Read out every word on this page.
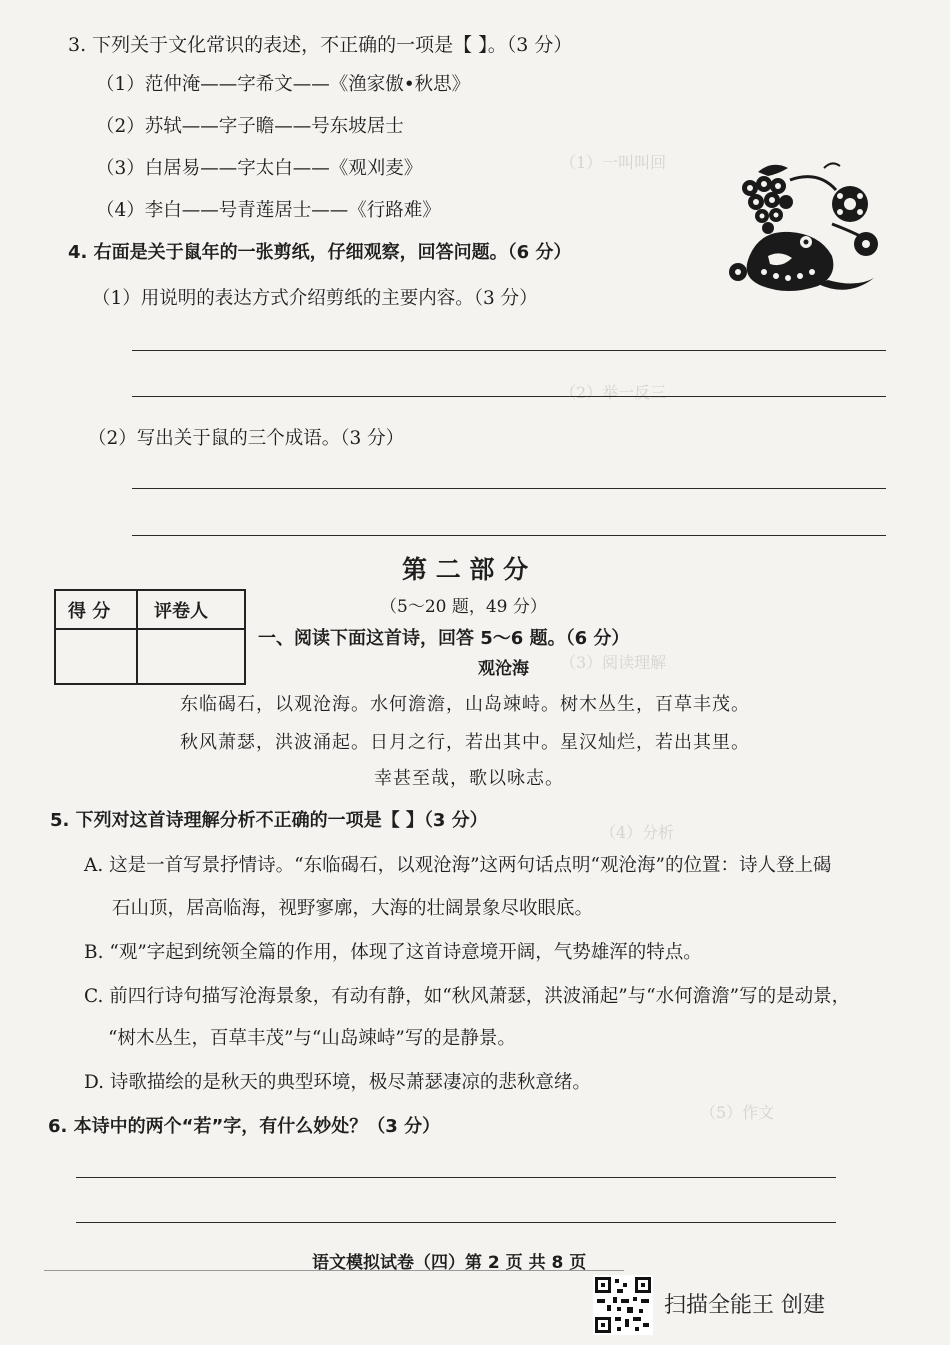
（1）一叫叫回
（2）举一反三
（3）阅读理解
（4）分析
（5）作文
3. 下列关于文化常识的表述，不正确的一项是【 】。（3 分）
（1）范仲淹——字希文——《渔家傲•秋思》
（2）苏轼——字子瞻——号东坡居士
（3）白居易——字太白——《观刈麦》
（4）李白——号青莲居士——《行路难》
4. 右面是关于鼠年的一张剪纸，仔细观察，回答问题。（6 分）
（1）用说明的表达方式介绍剪纸的主要内容。（3 分）
（2）写出关于鼠的三个成语。（3 分）
第 二 部 分
（5～20 题，49 分）
得 分 评卷人
一、阅读下面这首诗，回答 5～6 题。（6 分）
观沧海
东临碣石，以观沧海。水何澹澹，山岛竦峙。树木丛生，百草丰茂。
秋风萧瑟，洪波涌起。日月之行，若出其中。星汉灿烂，若出其里。
幸甚至哉，歌以咏志。
5. 下列对这首诗理解分析不正确的一项是【 】（3 分）
A. 这是一首写景抒情诗。“东临碣石，以观沧海”这两句话点明“观沧海”的位置：诗人登上碣
石山顶，居高临海，视野寥廓，大海的壮阔景象尽收眼底。
B. “观”字起到统领全篇的作用，体现了这首诗意境开阔，气势雄浑的特点。
C. 前四行诗句描写沧海景象，有动有静，如“秋风萧瑟，洪波涌起”与“水何澹澹”写的是动景，
“树木丛生，百草丰茂”与“山岛竦峙”写的是静景。
D. 诗歌描绘的是秋天的典型环境，极尽萧瑟凄凉的悲秋意绪。
6. 本诗中的两个“若”字，有什么妙处？（3 分）
语文模拟试卷（四）第 2 页 共 8 页
扫描全能王 创建
